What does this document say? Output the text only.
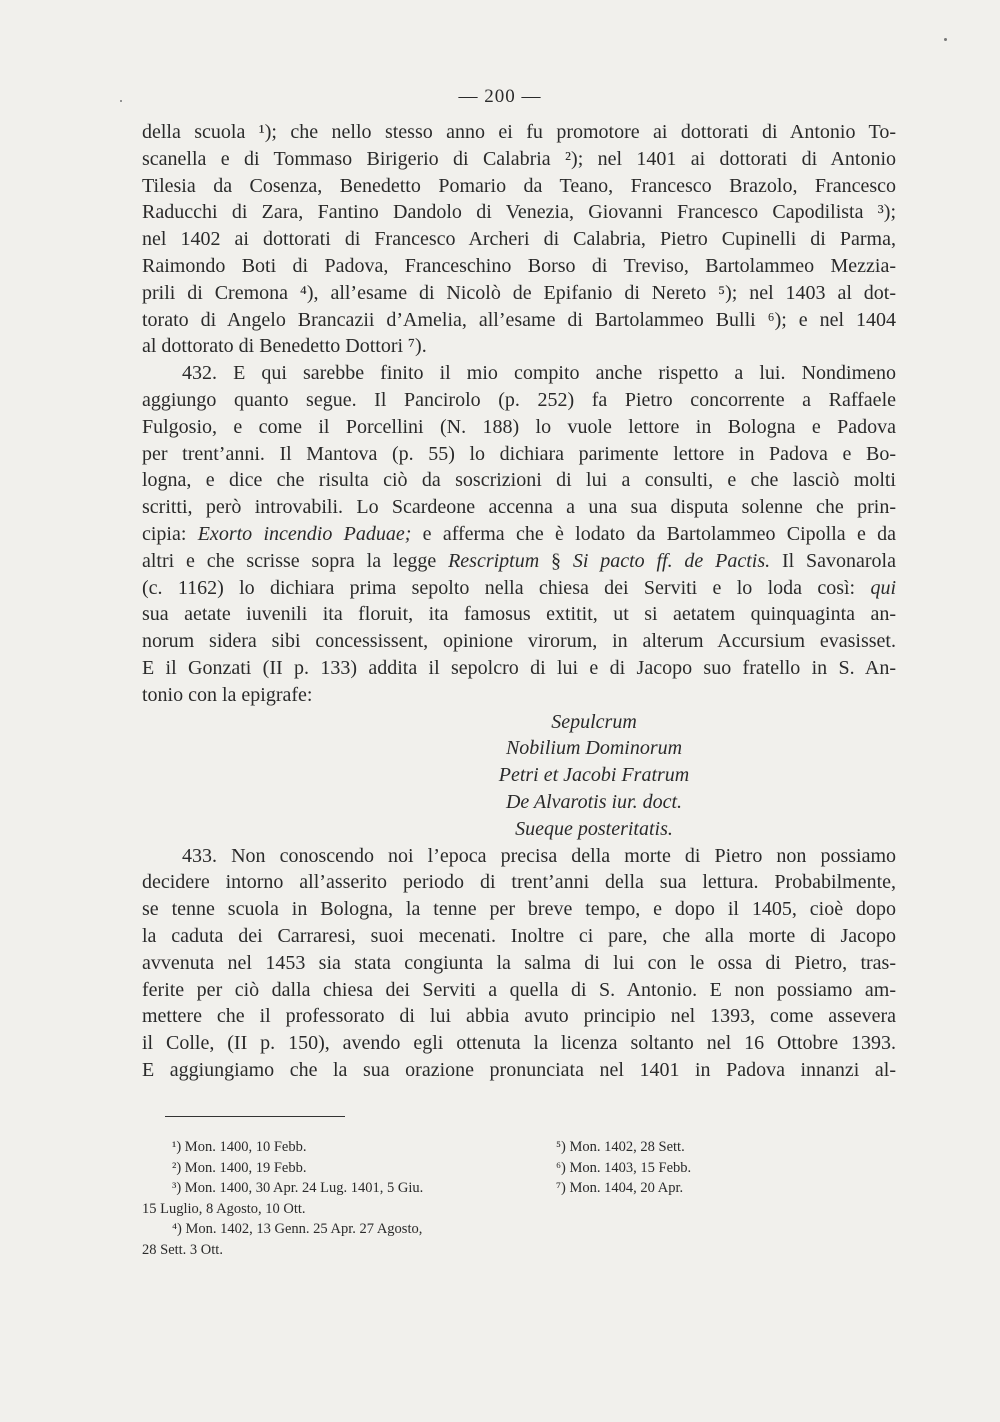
— 200 —
della scuola ¹); che nello stesso anno ei fu promotore ai dottorati di Antonio To-
scanella e di Tommaso Birigerio di Calabria ²); nel 1401 ai dottorati di Antonio
Tilesia da Cosenza, Benedetto Pomario da Teano, Francesco Brazolo, Francesco
Raducchi di Zara, Fantino Dandolo di Venezia, Giovanni Francesco Capodilista ³);
nel 1402 ai dottorati di Francesco Archeri di Calabria, Pietro Cupinelli di Parma,
Raimondo Boti di Padova, Franceschino Borso di Treviso, Bartolammeo Mezzia-
prili di Cremona ⁴), all’esame di Nicolò de Epifanio di Nereto ⁵); nel 1403 al dot-
torato di Angelo Brancazii d’Amelia, all’esame di Bartolammeo Bulli ⁶); e nel 1404
al dottorato di Benedetto Dottori ⁷).
432. E qui sarebbe finito il mio compito anche rispetto a lui. Nondimeno
aggiungo quanto segue. Il Pancirolo (p. 252) fa Pietro concorrente a Raffaele
Fulgosio, e come il Porcellini (N. 188) lo vuole lettore in Bologna e Padova
per trent’anni. Il Mantova (p. 55) lo dichiara parimente lettore in Padova e Bo-
logna, e dice che risulta ciò da soscrizioni di lui a consulti, e che lasciò molti
scritti, però introvabili. Lo Scardeone accenna a una sua disputa solenne che prin-
cipia: Exorto incendio Paduae; e afferma che è lodato da Bartolammeo Cipolla e da
altri e che scrisse sopra la legge Rescriptum § Si pacto ff. de Pactis. Il Savonarola
(c. 1162) lo dichiara prima sepolto nella chiesa dei Serviti e lo loda così: qui
sua aetate iuvenili ita floruit, ita famosus extitit, ut si aetatem quinquaginta an-
norum sidera sibi concessissent, opinione virorum, in alterum Accursium evasisset.
E il Gonzati (II p. 133) addita il sepolcro di lui e di Jacopo suo fratello in S. An-
tonio con la epigrafe:
Sepulcrum
Nobilium Dominorum
Petri et Jacobi Fratrum
De Alvarotis iur. doct.
Sueque posteritatis.
433. Non conoscendo noi l’epoca precisa della morte di Pietro non possiamo
decidere intorno all’asserito periodo di trent’anni della sua lettura. Probabilmente,
se tenne scuola in Bologna, la tenne per breve tempo, e dopo il 1405, cioè dopo
la caduta dei Carraresi, suoi mecenati. Inoltre ci pare, che alla morte di Jacopo
avvenuta nel 1453 sia stata congiunta la salma di lui con le ossa di Pietro, tras-
ferite per ciò dalla chiesa dei Serviti a quella di S. Antonio. E non possiamo am-
mettere che il professorato di lui abbia avuto principio nel 1393, come assevera
il Colle, (II p. 150), avendo egli ottenuta la licenza soltanto nel 16 Ottobre 1393.
E aggiungiamo che la sua orazione pronunciata nel 1401 in Padova innanzi al-
¹) Mon. 1400, 10 Febb.
²) Mon. 1400, 19 Febb.
³) Mon. 1400, 30 Apr. 24 Lug. 1401, 5 Giu.
15 Luglio, 8 Agosto, 10 Ott.
⁴) Mon. 1402, 13 Genn. 25 Apr. 27 Agosto,
28 Sett. 3 Ott.
⁵) Mon. 1402, 28 Sett.
⁶) Mon. 1403, 15 Febb.
⁷) Mon. 1404, 20 Apr.
